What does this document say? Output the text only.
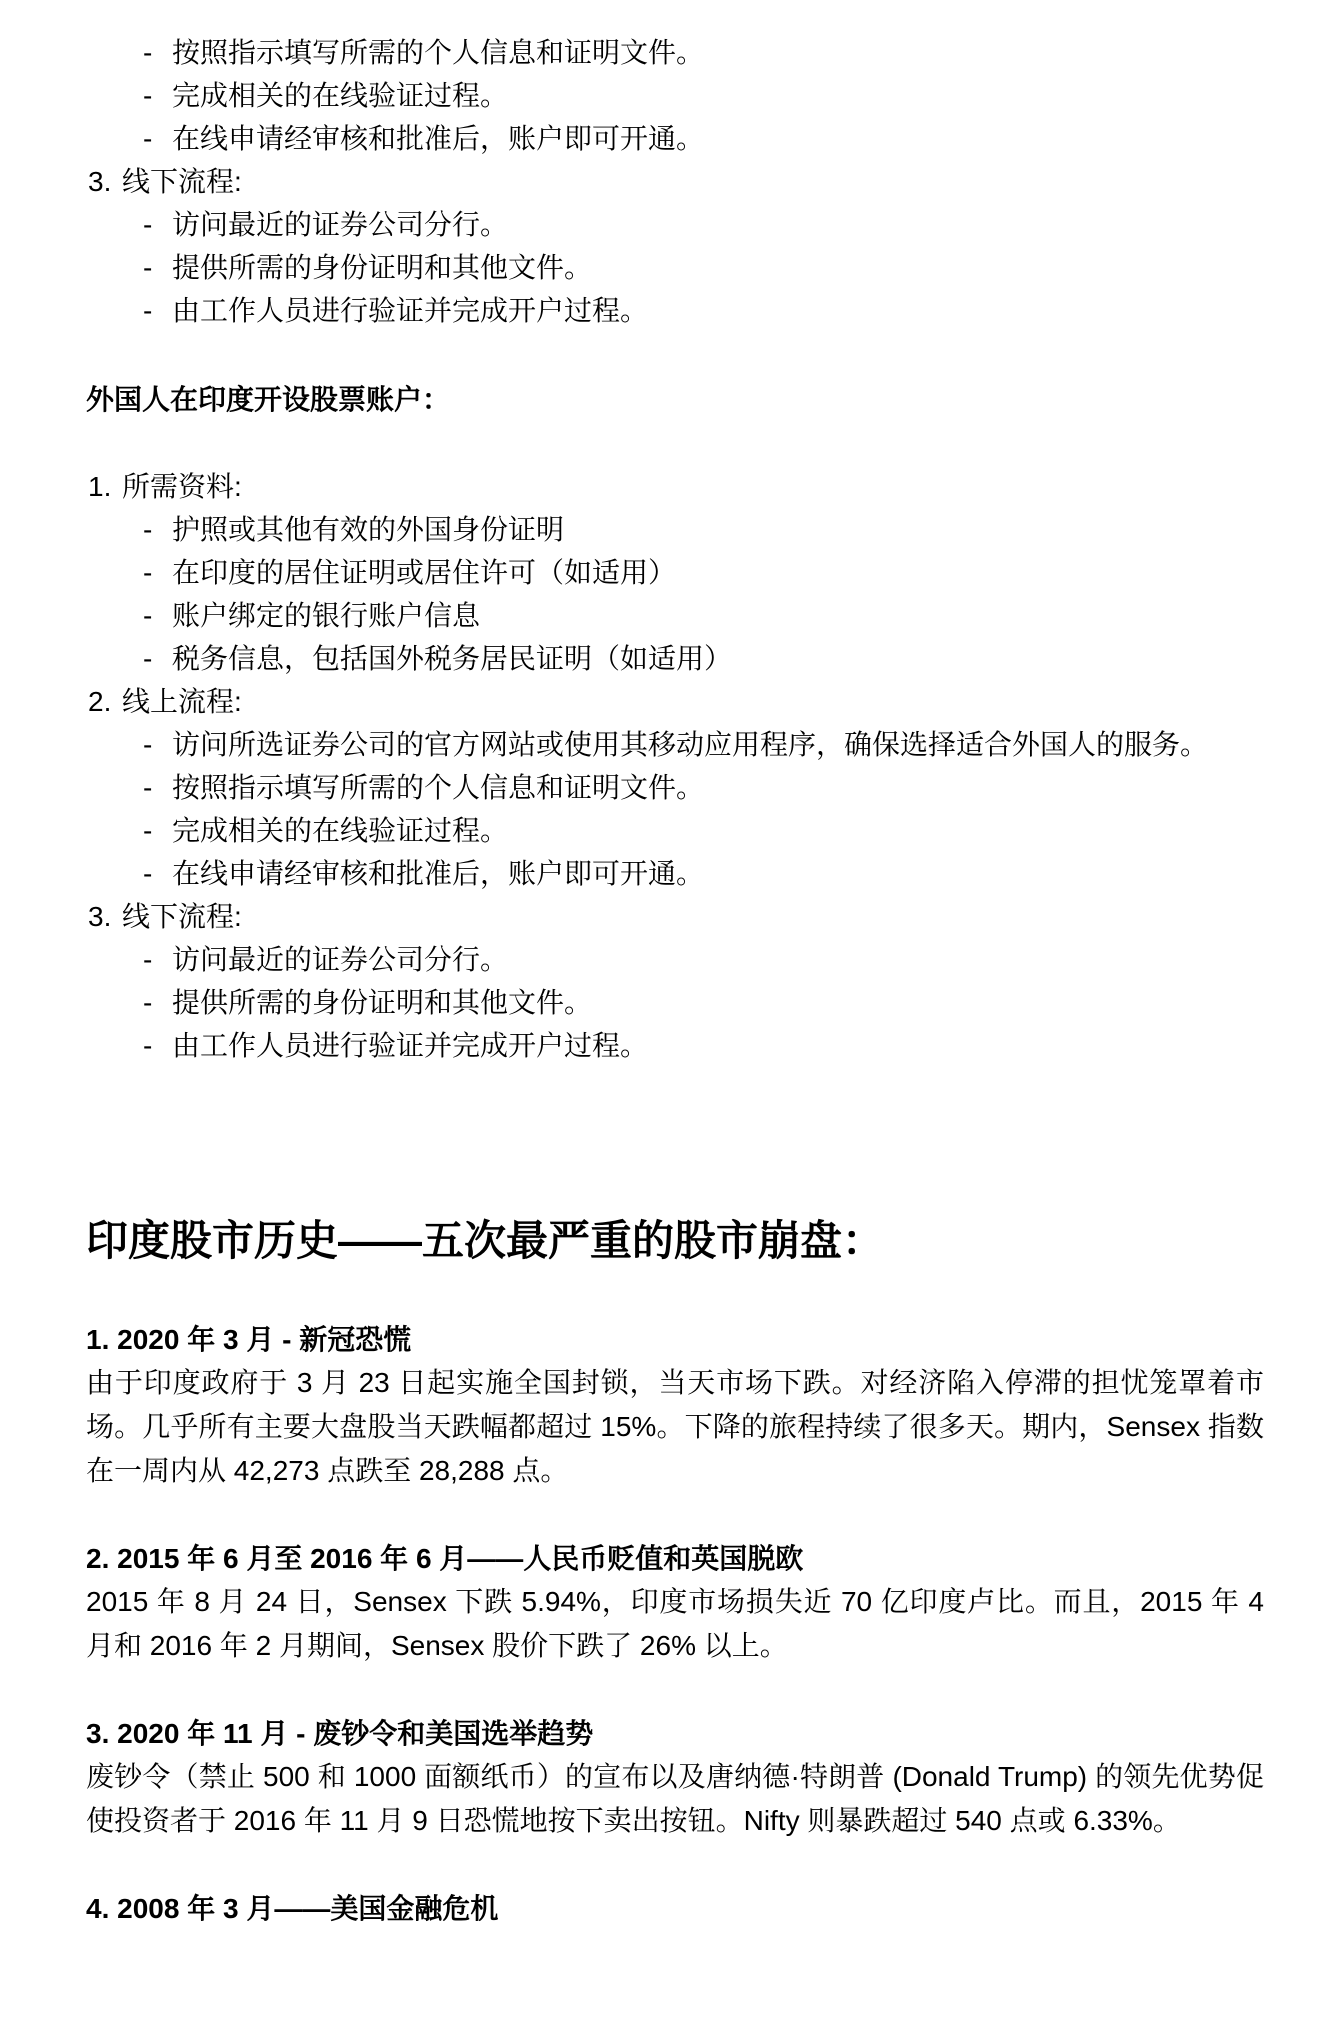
- 按照指示填写所需的个人信息和证明文件。
- 完成相关的在线验证过程。
- 在线申请经审核和批准后，账户即可开通。
3. 线下流程:
- 访问最近的证券公司分行。
- 提供所需的身份证明和其他文件。
- 由工作人员进行验证并完成开户过程。
外国人在印度开设股票账户：
1. 所需资料:
- 护照或其他有效的外国身份证明
- 在印度的居住证明或居住许可（如适用）
- 账户绑定的银行账户信息
- 税务信息，包括国外税务居民证明（如适用）
2. 线上流程:
- 访问所选证券公司的官方网站或使用其移动应用程序，确保选择适合外国人的服务。
- 按照指示填写所需的个人信息和证明文件。
- 完成相关的在线验证过程。
- 在线申请经审核和批准后，账户即可开通。
3. 线下流程:
- 访问最近的证券公司分行。
- 提供所需的身份证明和其他文件。
- 由工作人员进行验证并完成开户过程。
印度股市历史——五次最严重的股市崩盘：
1. 2020 年 3 月 - 新冠恐慌

由于印度政府于 3 月 23 日起实施全国封锁，当天市场下跌。对经济陷入停滞的担忧笼罩着市场。几乎所有主要大盘股当天跌幅都超过 15%。下降的旅程持续了很多天。期内，Sensex 指数在一周内从 42,273 点跌至 28,288 点。

2. 2015 年 6 月至 2016 年 6 月——人民币贬值和英国脱欧

2015 年 8 月 24 日，Sensex 下跌 5.94%，印度市场损失近 70 亿印度卢比。而且，2015 年 4 月和 2016 年 2 月期间，Sensex 股价下跌了 26% 以上。

3. 2020 年 11 月 - 废钞令和美国选举趋势

废钞令（禁止 500 和 1000 面额纸币）的宣布以及唐纳德·特朗普 (Donald Trump) 的领先优势促使投资者于 2016 年 11 月 9 日恐慌地按下卖出按钮。Nifty 则暴跌超过 540 点或 6.33%。

4. 2008 年 3 月——美国金融危机
